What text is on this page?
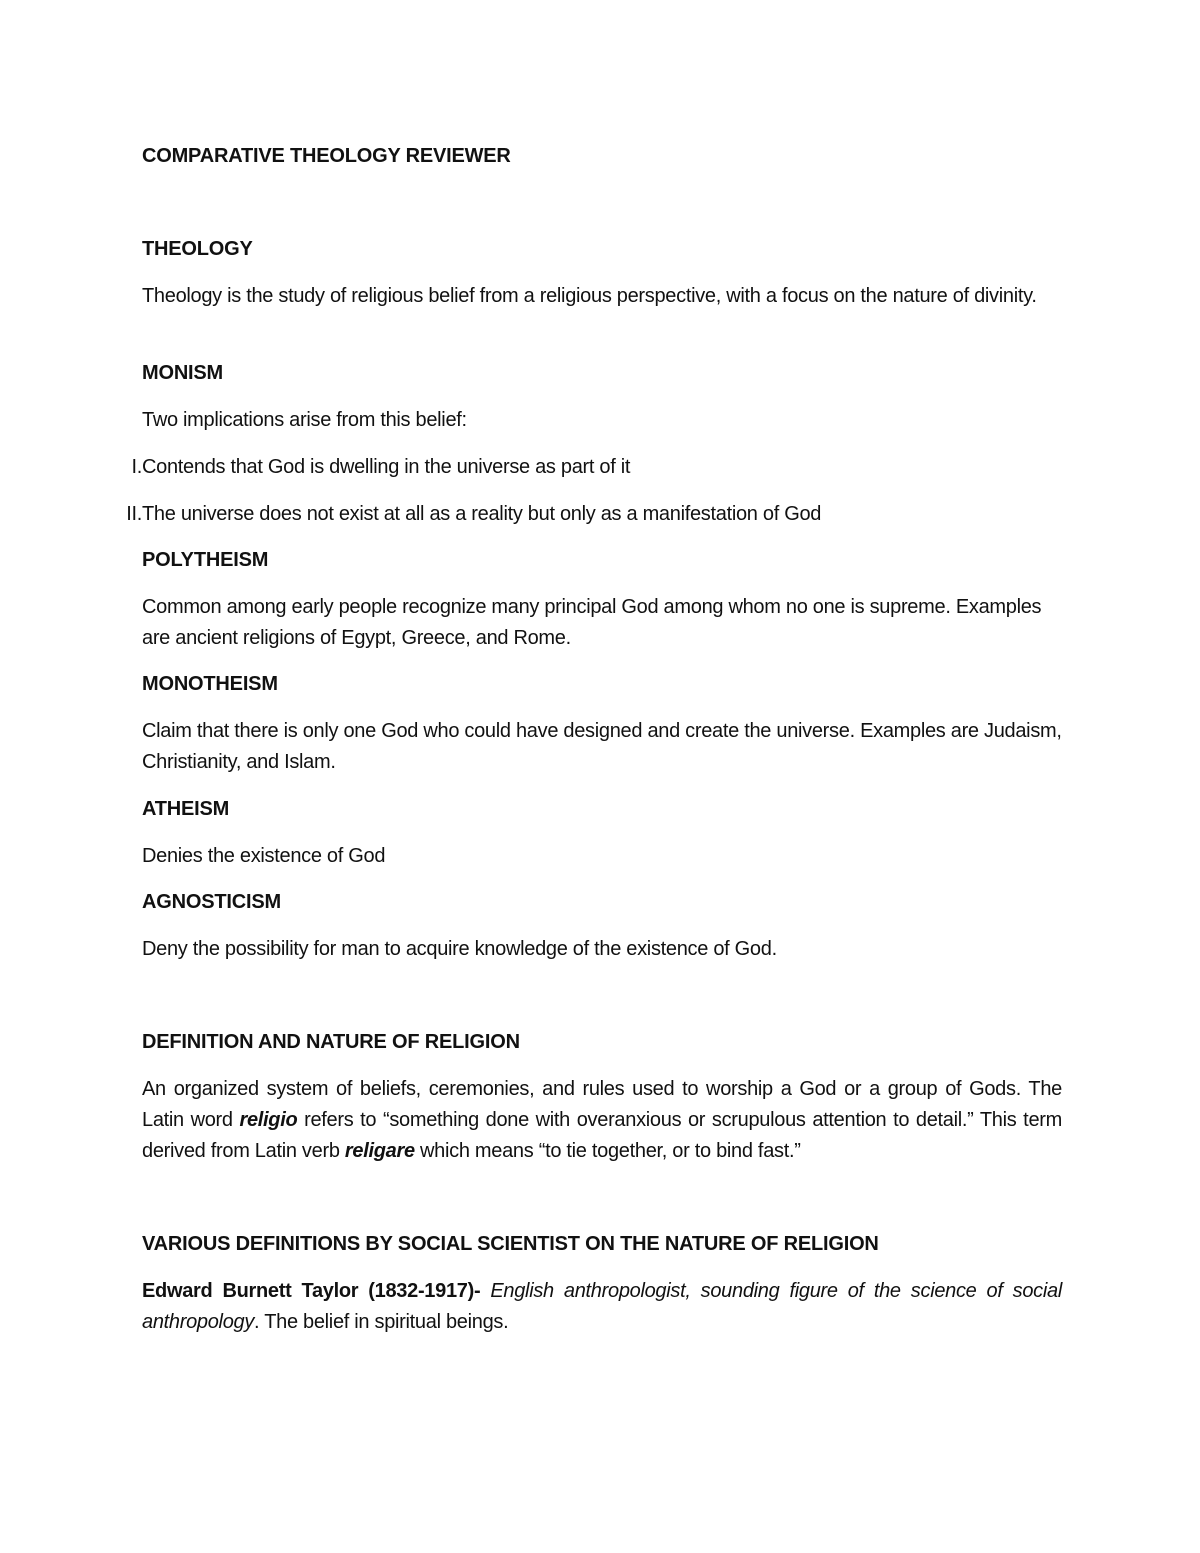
COMPARATIVE THEOLOGY REVIEWER

THEOLOGY

Theology is the study of religious belief from a religious perspective, with a focus on the nature of divinity.

MONISM

Two implications arise from this belief:

I. Contends that God is dwelling in the universe as part of it
II. The universe does not exist at all as a reality but only as a manifestation of God

POLYTHEISM

Common among early people recognize many principal God among whom no one is supreme. Examples are ancient religions of Egypt, Greece, and Rome.

MONOTHEISM

Claim that there is only one God who could have designed and create the universe. Examples are Judaism, Christianity, and Islam.

ATHEISM

Denies the existence of God

AGNOSTICISM

Deny the possibility for man to acquire knowledge of the existence of God.

DEFINITION AND NATURE OF RELIGION

An organized system of beliefs, ceremonies, and rules used to worship a God or a group of Gods. The Latin word religio refers to “something done with overanxious or scrupulous attention to detail.” This term derived from Latin verb religare which means “to tie together, or to bind fast.”

VARIOUS DEFINITIONS BY SOCIAL SCIENTIST ON THE NATURE OF RELIGION

Edward Burnett Taylor (1832-1917)- English anthropologist, sounding figure of the science of social anthropology. The belief in spiritual beings.
